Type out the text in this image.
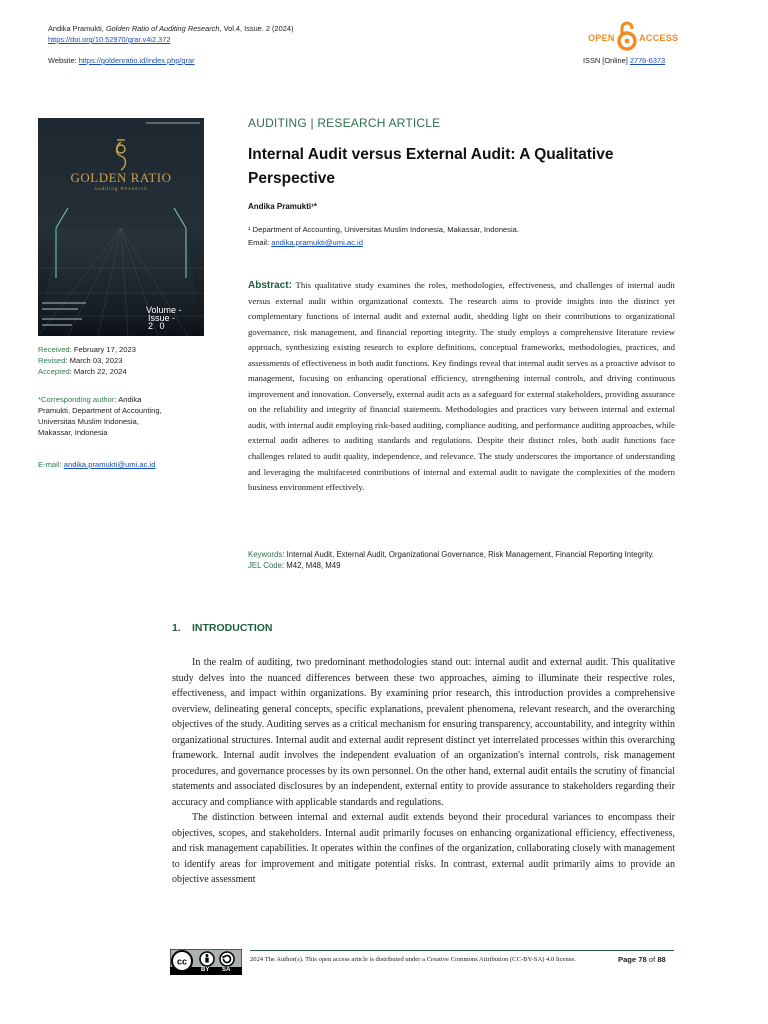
Andika Pramukti, Golden Ratio of Auditing Research, Vol.4, Issue. 2 (2024)
https://doi.org/10.52970/grar.v4i2.372
Website: https://goldenratio.id/index.php/grar
OPEN	ACCESS
ISSN [Online] 2776-6373
GOLDEN RATIO
Auditing Research
Volume -
Issue -
2 0
Received: February 17, 2023
Revised: March 03, 2023
Accepted: March 22, 2024
*Corresponding author: Andika
Pramukti, Department of Accounting,
Universitas Muslim Indonesia,
Makassar, Indonesia
E-mail: andika.pramukti@umi.ac.id
AUDITING | RESEARCH ARTICLE
Internal Audit versus External Audit: A Qualitative Perspective
Andika Pramukti¹*
¹ Department of Accounting, Universitas Muslim Indonesia, Makassar, Indonesia.
Email: andika.pramukti@umi.ac.id
Abstract: This qualitative study examines the roles, methodologies, effectiveness, and challenges of internal audit versus external audit within organizational contexts. The research aims to provide insights into the distinct yet complementary functions of internal audit and external audit, shedding light on their contributions to organizational governance, risk management, and financial reporting integrity. The study employs a comprehensive literature review approach, synthesizing existing research to explore definitions, conceptual frameworks, methodologies, practices, and assessments of effectiveness in both audit functions. Key findings reveal that internal audit serves as a proactive advisor to management, focusing on enhancing operational efficiency, strengthening internal controls, and driving continuous improvement and innovation. Conversely, external audit acts as a safeguard for external stakeholders, providing assurance on the reliability and integrity of financial statements. Methodologies and practices vary between internal and external audit, with internal audit employing risk-based auditing, compliance auditing, and performance auditing approaches, while external audit adheres to auditing standards and regulations. Despite their distinct roles, both audit functions face challenges related to audit quality, independence, and relevance. The study underscores the importance of understanding and leveraging the multifaceted contributions of internal and external audit to navigate the complexities of the modern business environment effectively.
Keywords: Internal Audit, External Audit, Organizational Governance, Risk Management, Financial Reporting Integrity.
JEL Code: M42, M48, M49
1. INTRODUCTION

In the realm of auditing, two predominant methodologies stand out: internal audit and external audit. This qualitative study delves into the nuanced differences between these two approaches, aiming to illuminate their respective roles, effectiveness, and impact within organizations. By examining prior research, this introduction provides a comprehensive overview, delineating general concepts, specific explanations, prevalent phenomena, relevant research, and the overarching objectives of the study. Auditing serves as a critical mechanism for ensuring transparency, accountability, and integrity within organizational structures. Internal audit and external audit represent distinct yet interrelated processes within this overarching framework. Internal audit involves the independent evaluation of an organization's internal controls, risk management procedures, and governance processes by its own personnel. On the other hand, external audit entails the scrutiny of financial statements and associated disclosures by an independent, external entity to provide assurance to stakeholders regarding their accuracy and compliance with applicable standards and regulations.

The distinction between internal and external audit extends beyond their procedural variances to encompass their objectives, scopes, and stakeholders. Internal audit primarily focuses on enhancing organizational efficiency, effectiveness, and risk management capabilities. It operates within the confines of the organization, collaborating closely with management to identify areas for improvement and mitigate potential risks. In contrast, external audit primarily aims to provide an objective assessment

cc
BY SA
2024 The Author(s). This open access article is distributed under a Creative Commons Attribution (CC-BY-SA) 4.0 license.	Page 78 of 88
